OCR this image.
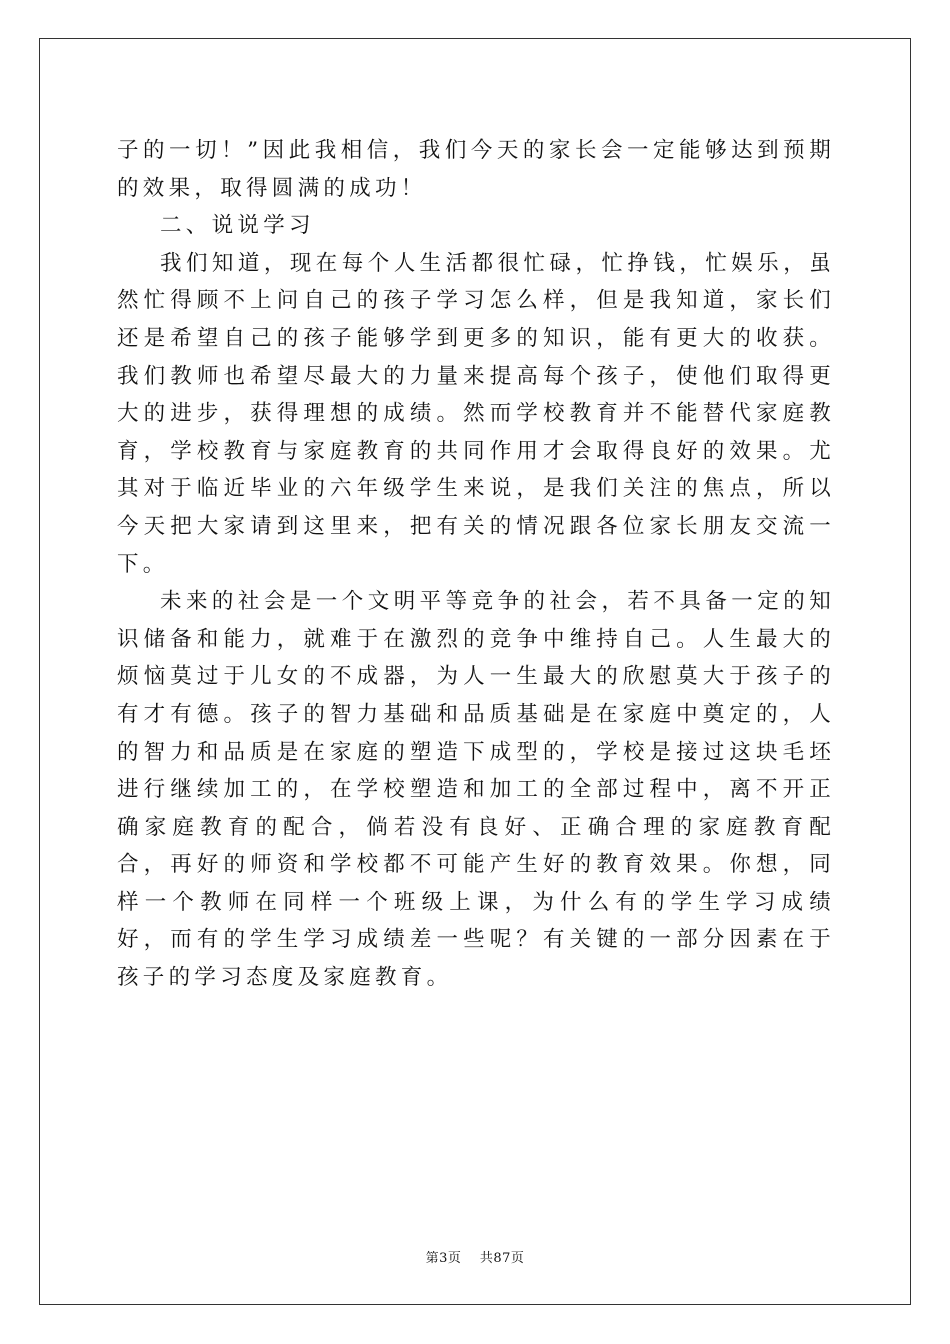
子的一切！”因此我相信，我们今天的家长会一定能够达到预期的效果，取得圆满的成功！

二、说说学习

我们知道，现在每个人生活都很忙碌，忙挣钱，忙娱乐，虽然忙得顾不上问自己的孩子学习怎么样，但是我知道，家长们还是希望自己的孩子能够学到更多的知识，能有更大的收获。我们教师也希望尽最大的力量来提高每个孩子，使他们取得更大的进步，获得理想的成绩。然而学校教育并不能替代家庭教育，学校教育与家庭教育的共同作用才会取得良好的效果。尤其对于临近毕业的六年级学生来说，是我们关注的焦点，所以今天把大家请到这里来，把有关的情况跟各位家长朋友交流一下。

未来的社会是一个文明平等竞争的社会，若不具备一定的知识储备和能力，就难于在激烈的竞争中维持自己。人生最大的烦恼莫过于儿女的不成器，为人一生最大的欣慰莫大于孩子的有才有德。孩子的智力基础和品质基础是在家庭中奠定的，人的智力和品质是在家庭的塑造下成型的，学校是接过这块毛坯进行继续加工的，在学校塑造和加工的全部过程中，离不开正确家庭教育的配合，倘若没有良好、正确合理的家庭教育配合，再好的师资和学校都不可能产生好的教育效果。你想，同样一个教师在同样一个班级上课，为什么有的学生学习成绩好，而有的学生学习成绩差一些呢？有关键的一部分因素在于孩子的学习态度及家庭教育。

第3页 共87页
